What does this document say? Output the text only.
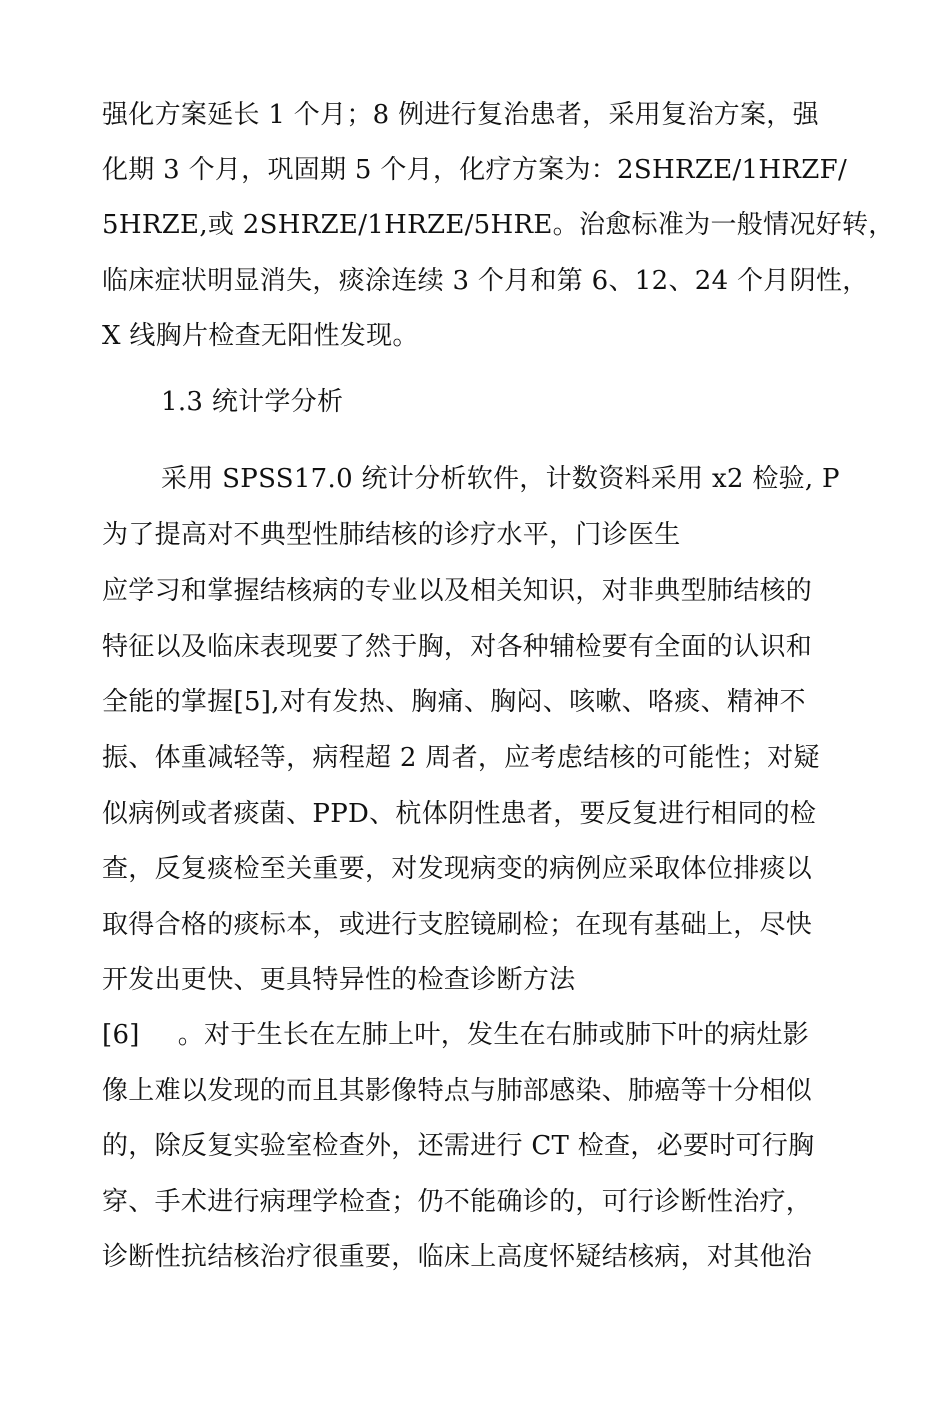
强化方案延长 1 个月；8 例进行复治患者，采用复治方案，强
化期 3 个月，巩固期 5 个月，化疗方案为：2SHRZE/1HRZF/
5HRZE,或 2SHRZE/1HRZE/5HRE。治愈标准为一般情况好转，
临床症状明显消失，痰涂连续 3 个月和第 6、12、24 个月阴性，
X 线胸片检查无阳性发现。
1.3 统计学分析
采用 SPSS17.0 统计分析软件，计数资料采用 x2 检验, P
为了提高对不典型性肺结核的诊疗水平，门诊医生
应学习和掌握结核病的专业以及相关知识，对非典型肺结核的
特征以及临床表现要了然于胸，对各种辅检要有全面的认识和
全能的掌握[5],对有发热、胸痛、胸闷、咳嗽、咯痰、精神不
振、体重减轻等，病程超 2 周者，应考虑结核的可能性；对疑
似病例或者痰菌、PPD、杭体阴性患者，要反复进行相同的检
查，反复痰检至关重要，对发现病变的病例应采取体位排痰以
取得合格的痰标本，或进行支腔镜刷检；在现有基础上，尽快
开发出更快、更具特异性的检查诊断方法
[6] 。对于生长在左肺上叶，发生在右肺或肺下叶的病灶影
像上难以发现的而且其影像特点与肺部感染、肺癌等十分相似
的，除反复实验室检查外，还需进行 CT 检查，必要时可行胸
穿、手术进行病理学检查；仍不能确诊的，可行诊断性治疗，
诊断性抗结核治疗很重要，临床上高度怀疑结核病，对其他治
